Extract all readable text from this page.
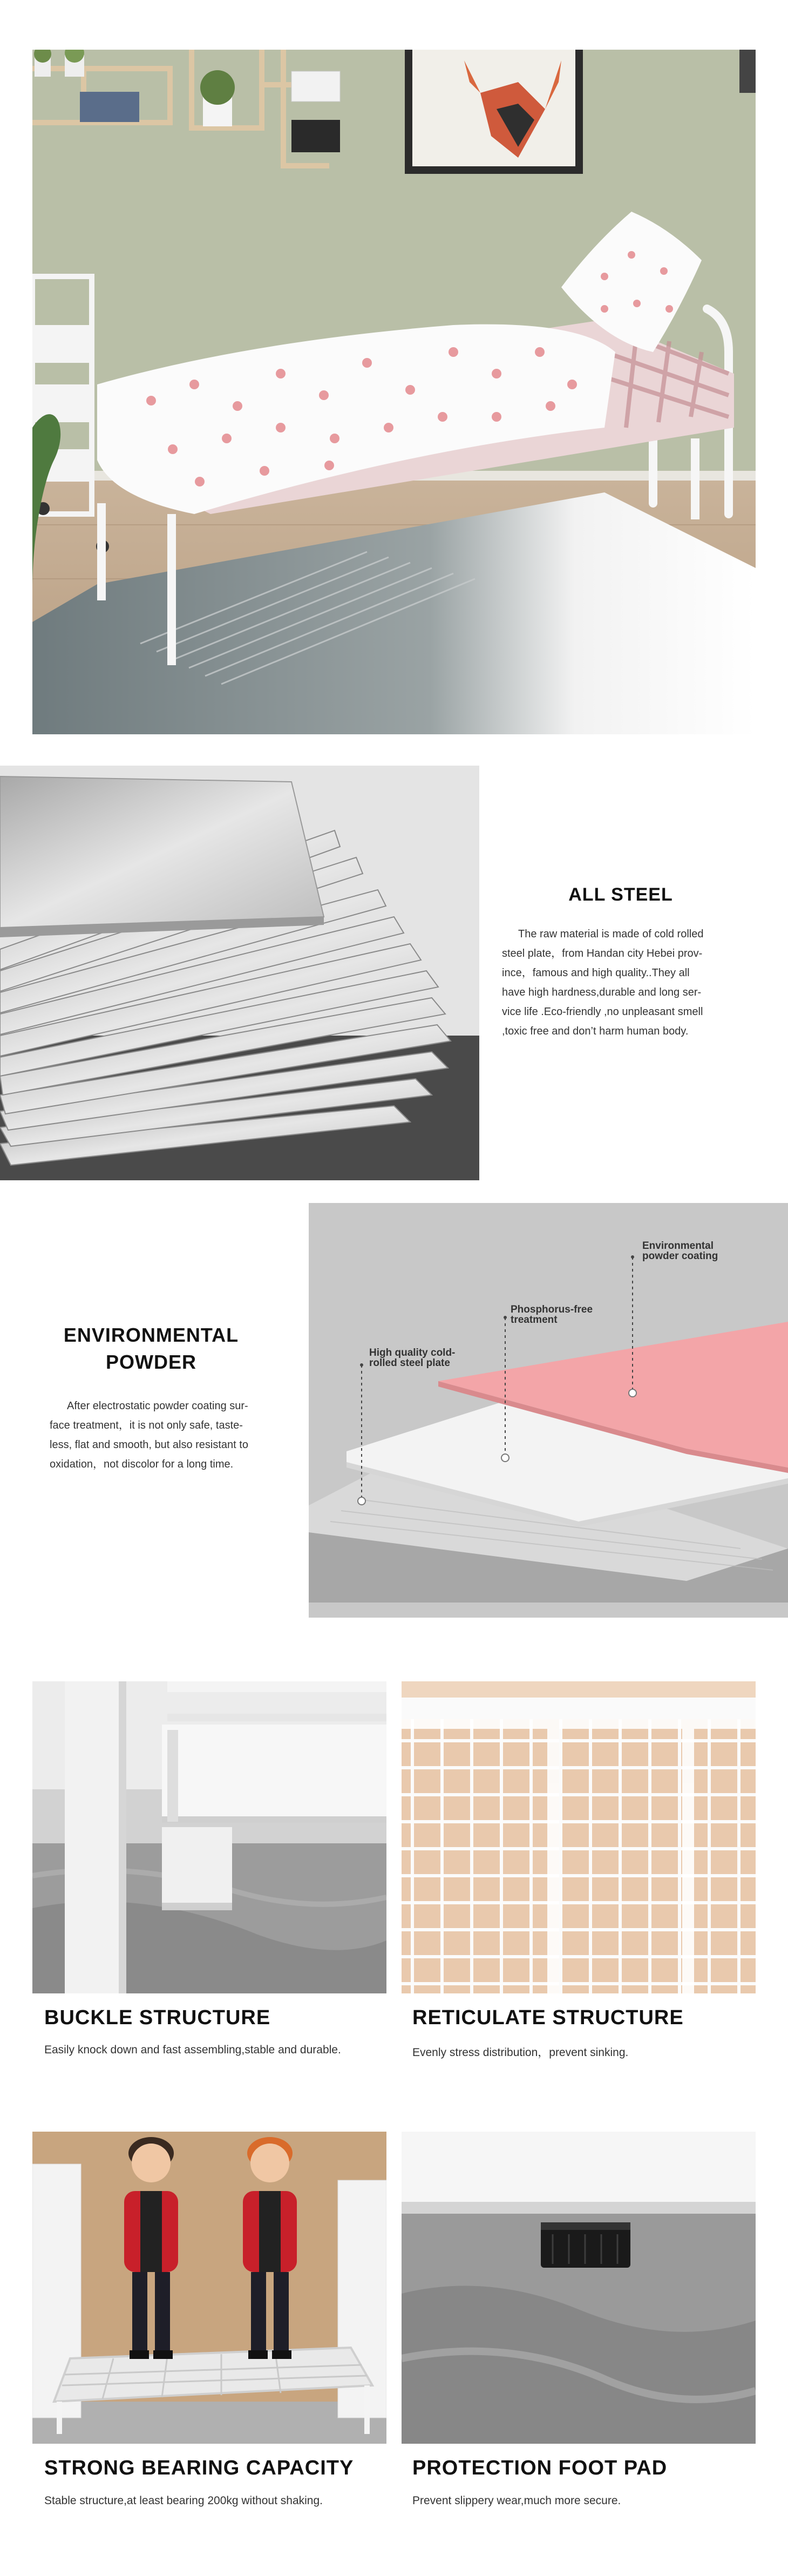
ALL STEEL
The raw material is made of cold rolled
steel plate，from Handan city Hebei prov-
ince，famous and high quality..They all
have high hardness,durable and long ser-
vice life .Eco-friendly ,no unpleasant smell
,toxic free and don’t harm human body.
ENVIRONMENTAL
POWDER
After electrostatic powder coating sur-
face treatment，it is not only safe, taste-
less, flat and smooth, but also resistant to
oxidation，not discolor for a long time.
Environmental
powder coating
Phosphorus-free
treatment
High quality cold-
rolled steel plate
BUCKLE STRUCTURE
Easily knock down and fast assembling,stable and durable.
RETICULATE STRUCTURE
Evenly stress distribution，prevent sinking.
STRONG BEARING CAPACITY
Stable structure,at least bearing 200kg without shaking.
PROTECTION FOOT PAD
Prevent slippery wear,much more secure.
